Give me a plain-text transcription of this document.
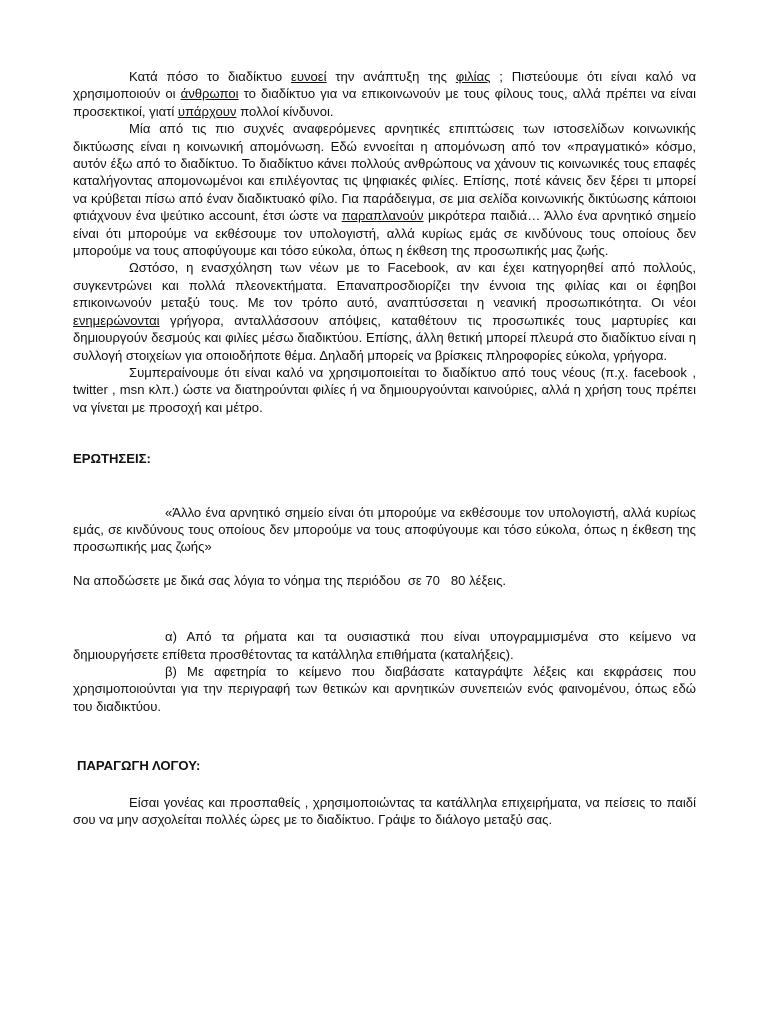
Κατά πόσο το διαδίκτυο ευνοεί την ανάπτυξη της φιλίας ; Πιστεύουμε ότι είναι καλό να χρησιμοποιούν οι άνθρωποι το διαδίκτυο για να επικοινωνούν με τους φίλους τους, αλλά πρέπει να είναι προσεκτικοί, γιατί υπάρχουν πολλοί κίνδυνοι.

Μία από τις πιο συχνές αναφερόμενες αρνητικές επιπτώσεις των ιστοσελίδων κοινωνικής δικτύωσης είναι η κοινωνική απομόνωση. Εδώ εννοείται η απομόνωση από τον «πραγματικό» κόσμο, αυτόν έξω από το διαδίκτυο. Το διαδίκτυο κάνει πολλούς ανθρώπους να χάνουν τις κοινωνικές τους επαφές καταλήγοντας απομονωμένοι και επιλέγοντας τις ψηφιακές φιλίες. Επίσης, ποτέ κάνεις δεν ξέρει τι μπορεί να κρύβεται πίσω από έναν διαδικτυακό φίλο. Για παράδειγμα, σε μια σελίδα κοινωνικής δικτύωσης κάποιοι φτιάχνουν ένα ψεύτικο account, έτσι ώστε να παραπλανούν μικρότερα παιδιά… Άλλο ένα αρνητικό σημείο είναι ότι μπορούμε να εκθέσουμε τον υπολογιστή, αλλά κυρίως εμάς σε κινδύνους τους οποίους δεν μπορούμε να τους αποφύγουμε και τόσο εύκολα, όπως η έκθεση της προσωπικής μας ζωής.

Ωστόσο, η ενασχόληση των νέων με το Facebook, αν και έχει κατηγορηθεί από πολλούς, συγκεντρώνει και πολλά πλεονεκτήματα. Επαναπροσδιορίζει την έννοια της φιλίας και οι έφηβοι επικοινωνούν μεταξύ τους. Με τον τρόπο αυτό, αναπτύσσεται η νεανική προσωπικότητα. Οι νέοι ενημερώνονται γρήγορα, ανταλλάσσουν απόψεις, καταθέτουν τις προσωπικές τους μαρτυρίες και δημιουργούν δεσμούς και φιλίες μέσω διαδικτύου. Επίσης, άλλη θετική μπορεί πλευρά στο διαδίκτυο είναι η συλλογή στοιχείων για οποιοδήποτε θέμα. Δηλαδή μπορείς να βρίσκεις πληροφορίες εύκολα, γρήγορα.

Συμπεραίνουμε ότι είναι καλό να χρησιμοποιείται το διαδίκτυο από τους νέους (π.χ. facebook , twitter , msn κλπ.) ώστε να διατηρούνται φιλίες ή να δημιουργούνται καινούριες, αλλά η χρήση τους πρέπει να γίνεται με προσοχή και μέτρο.

ΕΡΩΤΗΣΕΙΣ:

«Άλλο ένα αρνητικό σημείο είναι ότι μπορούμε να εκθέσουμε τον υπολογιστή, αλλά κυρίως εμάς, σε κινδύνους τους οποίους δεν μπορούμε να τους αποφύγουμε και τόσο εύκολα, όπως η έκθεση της προσωπικής μας ζωής»

Να αποδώσετε με δικά σας λόγια το νόημα της περιόδου  σε 70   80 λέξεις.

α) Από τα ρήματα και τα ουσιαστικά που είναι υπογραμμισμένα στο κείμενο να δημιουργήσετε επίθετα προσθέτοντας τα κατάλληλα επιθήματα (καταλήξεις).

β) Με αφετηρία το κείμενο που διαβάσατε καταγράψτε λέξεις και εκφράσεις που χρησιμοποιούνται για την περιγραφή των θετικών και αρνητικών συνεπειών ενός φαινομένου, όπως εδώ του διαδικτύου.

ΠΑΡΑΓΩΓΗ ΛΟΓΟΥ:

Είσαι γονέας και προσπαθείς , χρησιμοποιώντας τα κατάλληλα επιχειρήματα, να πείσεις το παιδί σου να μην ασχολείται πολλές ώρες με το διαδίκτυο. Γράψε το διάλογο μεταξύ σας.
